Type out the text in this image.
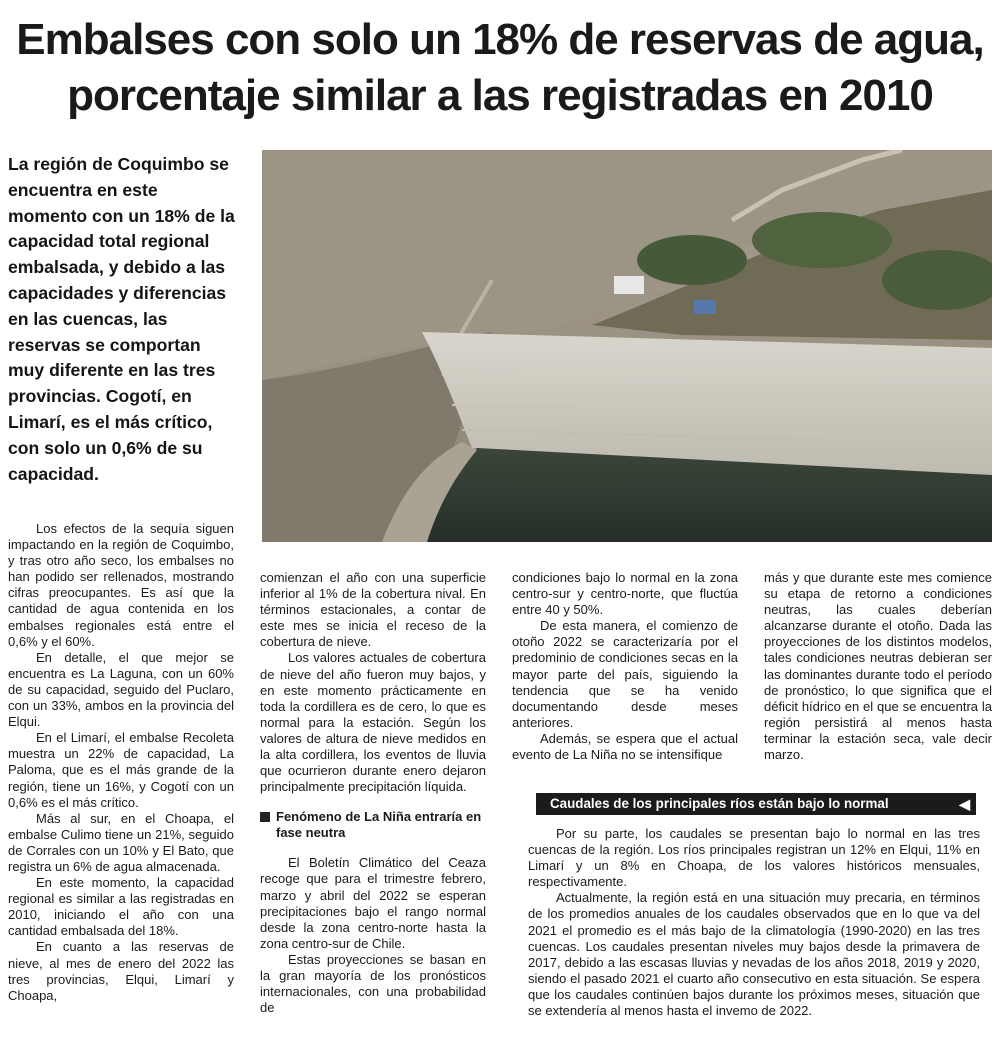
Embalses con solo un 18% de reservas de agua,
porcentaje similar a las registradas en 2010

La región de Coquimbo se encuentra en este momento con un 18% de la capacidad total regional embalsada, y debido a las capacidades y diferencias en las cuencas, las reservas se comportan muy diferente en las tres provincias. Cogotí, en Limarí, es el más crítico, con solo un 0,6% de su capacidad.

Los efectos de la sequía siguen impactando en la región de Coquimbo, y tras otro año seco, los embalses no han podido ser rellenados, mostrando cifras preocupantes. Es así que la cantidad de agua contenida en los embalses regionales está entre el 0,6% y el 60%.

En detalle, el que mejor se encuentra es La Laguna, con un 60% de su capacidad, seguido del Puclaro, con un 33%, ambos en la provincia del Elqui.

En el Limarí, el embalse Recoleta muestra un 22% de capacidad, La Paloma, que es el más grande de la región, tiene un 16%, y Cogotí con un 0,6% es el más crítico.

Más al sur, en el Choapa, el embalse Culimo tiene un 21%, seguido de Corrales con un 10% y El Bato, que registra un 6% de agua almacenada.

En este momento, la capacidad regional es similar a las registradas en 2010, iniciando el año con una cantidad embalsada del 18%.

En cuanto a las reservas de nieve, al mes de enero del 2022 las tres provincias, Elqui, Limarí y Choapa,

comienzan el año con una superficie inferior al 1% de la cobertura nival. En términos estacionales, a contar de este mes se inicia el receso de la cobertura de nieve.

Los valores actuales de cobertura de nieve del año fueron muy bajos, y en este momento prácticamente en toda la cordillera es de cero, lo que es normal para la estación. Según los valores de altura de nieve medidos en la alta cordillera, los eventos de lluvia que ocurrieron durante enero dejaron principalmente precipitación líquida.

Fenómeno de La Niña entraría en fase neutra

El Boletín Climático del Ceaza recoge que para el trimestre febrero, marzo y abril del 2022 se esperan precipitaciones bajo el rango normal desde la zona centro-norte hasta la zona centro-sur de Chile.

Estas proyecciones se basan en la gran mayoría de los pronósticos internacionales, con una probabilidad de

condiciones bajo lo normal en la zona centro-sur y centro-norte, que fluctúa entre 40 y 50%.

De esta manera, el comienzo de otoño 2022 se caracterizaría por el predominio de condiciones secas en la mayor parte del país, siguiendo la tendencia que se ha venido documentando desde meses anteriores.

Además, se espera que el actual evento de La Niña no se intensifique

más y que durante este mes comience su etapa de retorno a condiciones neutras, las cuales deberían alcanzarse durante el otoño. Dada las proyecciones de los distintos modelos, tales condiciones neutras debieran ser las dominantes durante todo el período de pronóstico, lo que significa que el déficit hídrico en el que se encuentra la región persistirá al menos hasta terminar la estación seca, vale decir marzo.

Caudales de los principales ríos están bajo lo normal	◀

Por su parte, los caudales se presentan bajo lo normal en las tres cuencas de la región. Los ríos principales registran un 12% en Elqui, 11% en Limarí y un 8% en Choapa, de los valores históricos mensuales, respectivamente.

Actualmente, la región está en una situación muy precaria, en términos de los promedios anuales de los caudales observados que en lo que va del 2021 el promedio es el más bajo de la climatología (1990-2020) en las tres cuencas. Los caudales presentan niveles muy bajos desde la primavera de 2017, debido a las escasas lluvias y nevadas de los años 2018, 2019 y 2020, siendo el pasado 2021 el cuarto año consecutivo en esta situación. Se espera que los caudales continúen bajos durante los próximos meses, situación que se extendería al menos hasta el invemo de 2022.
